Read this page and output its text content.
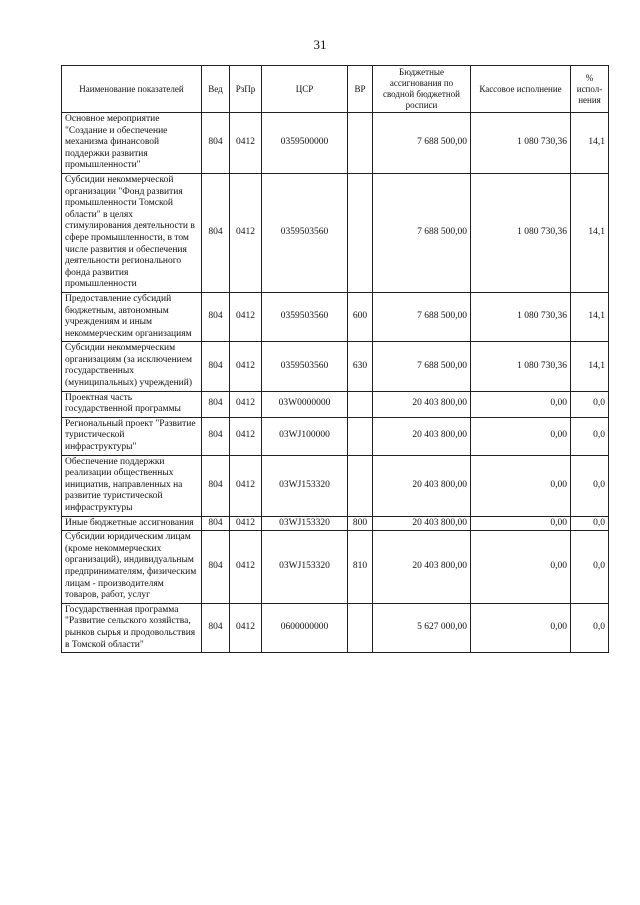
31
Наименование показателей	Вед	РзПр	ЦСР	ВР	Бюджетные ассигнования по сводной бюджетной росписи	Кассовое исполнение	% испол-нения
Основное мероприятие "Создание и обеспечение механизма финансовой поддержки развития промышленности"	804	0412	0359500000		7 688 500,00	1 080 730,36	14,1
Субсидии некоммерческой организации "Фонд развития промышленности Томской области" в целях стимулирования деятельности в сфере промышленности, в том числе развития и обеспечения деятельности регионального фонда развития промышленности	804	0412	0359503560		7 688 500,00	1 080 730,36	14,1
Предоставление субсидий бюджетным, автономным учреждениям и иным некоммерческим организациям	804	0412	0359503560	600	7 688 500,00	1 080 730,36	14,1
Субсидии некоммерческим организациям (за исключением государственных (муниципальных) учреждений)	804	0412	0359503560	630	7 688 500,00	1 080 730,36	14,1
Проектная часть государственной программы	804	0412	03W0000000		20 403 800,00	0,00	0,0
Региональный проект "Развитие туристической инфраструктуры"	804	0412	03WJ100000		20 403 800,00	0,00	0,0
Обеспечение поддержки реализации общественных инициатив, направленных на развитие туристической инфраструктуры	804	0412	03WJ153320		20 403 800,00	0,00	0,0
Иные бюджетные ассигнования	804	0412	03WJ153320	800	20 403 800,00	0,00	0,0
Субсидии юридическим лицам (кроме некоммерческих организаций), индивидуальным предпринимателям, физическим лицам - производителям товаров, работ, услуг	804	0412	03WJ153320	810	20 403 800,00	0,00	0,0
Государственная программа "Развитие сельского хозяйства, рынков сырья и продовольствия в Томской области"	804	0412	0600000000		5 627 000,00	0,00	0,0
